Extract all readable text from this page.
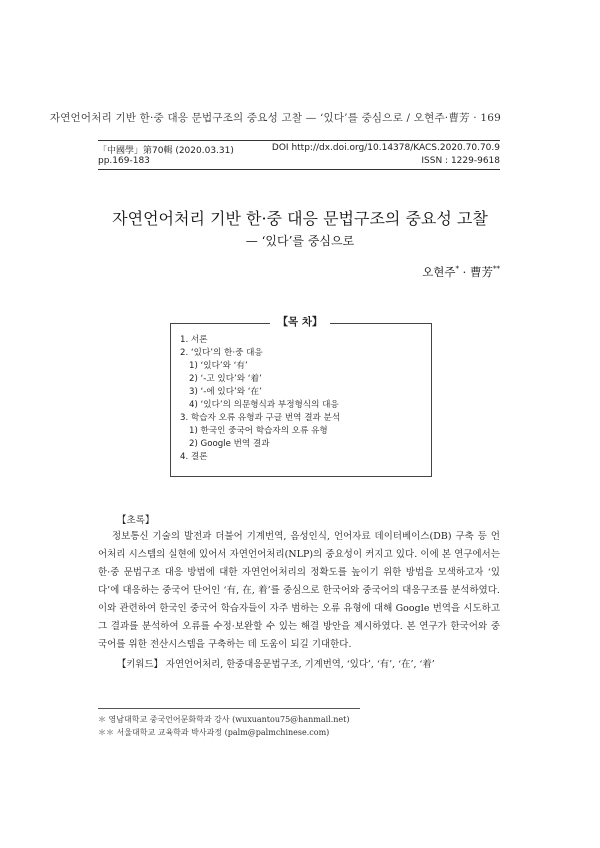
자연언어처리 기반 한·중 대응 문법구조의 중요성 고찰 — ‘있다’를 중심으로 / 오현주·曹芳 · 169
「中國學」第70輯 (2020.03.31)	DOI http://dx.doi.org/10.14378/KACS.2020.70.70.9
pp.169-183	ISSN : 1229-9618
자연언어처리 기반 한·중 대응 문법구조의 중요성 고찰
— ‘있다’를 중심으로
오현주* · 曹芳**
【목 차】
1. 서론
2. ‘있다’의 한·중 대응
1) ‘있다’와 ‘有’
2) ‘-고 있다’와 ‘着’
3) ‘-에 있다’와 ‘在’
4) ‘있다’의 의문형식과 부정형식의 대응
3. 학습자 오류 유형과 구글 번역 결과 분석
1) 한국인 중국어 학습자의 오류 유형
2) Google 번역 결과
4. 결론
【초록】
정보통신 기술의 발전과 더불어 기계번역, 음성인식, 언어자료 데이터베이스(DB) 구축 등 언어처리 시스템의 실현에 있어서 자연언어처리(NLP)의 중요성이 커지고 있다. 이에 본 연구에서는 한·중 문법구조 대응 방법에 대한 자연언어처리의 정확도를 높이기 위한 방법을 모색하고자 ‘있다’에 대응하는 중국어 단어인 ‘有, 在, 着’를 중심으로 한국어와 중국어의 대응구조를 분석하였다. 이와 관련하여 한국인 중국어 학습자들이 자주 범하는 오류 유형에 대해 Google 번역을 시도하고 그 결과를 분석하여 오류를 수정·보완할 수 있는 해결 방안을 제시하였다. 본 연구가 한국어와 중국어를 위한 전산시스템을 구축하는 데 도움이 되길 기대한다.
【키워드】 자연언어처리, 한중대응문법구조, 기계번역, ‘있다’, ‘有’, ‘在’, ‘着’
＊ 영남대학교 중국언어문화학과 강사 (wuxuantou75@hanmail.net)
＊＊ 서울대학교 교육학과 박사과정 (palm@palmchinese.com)
